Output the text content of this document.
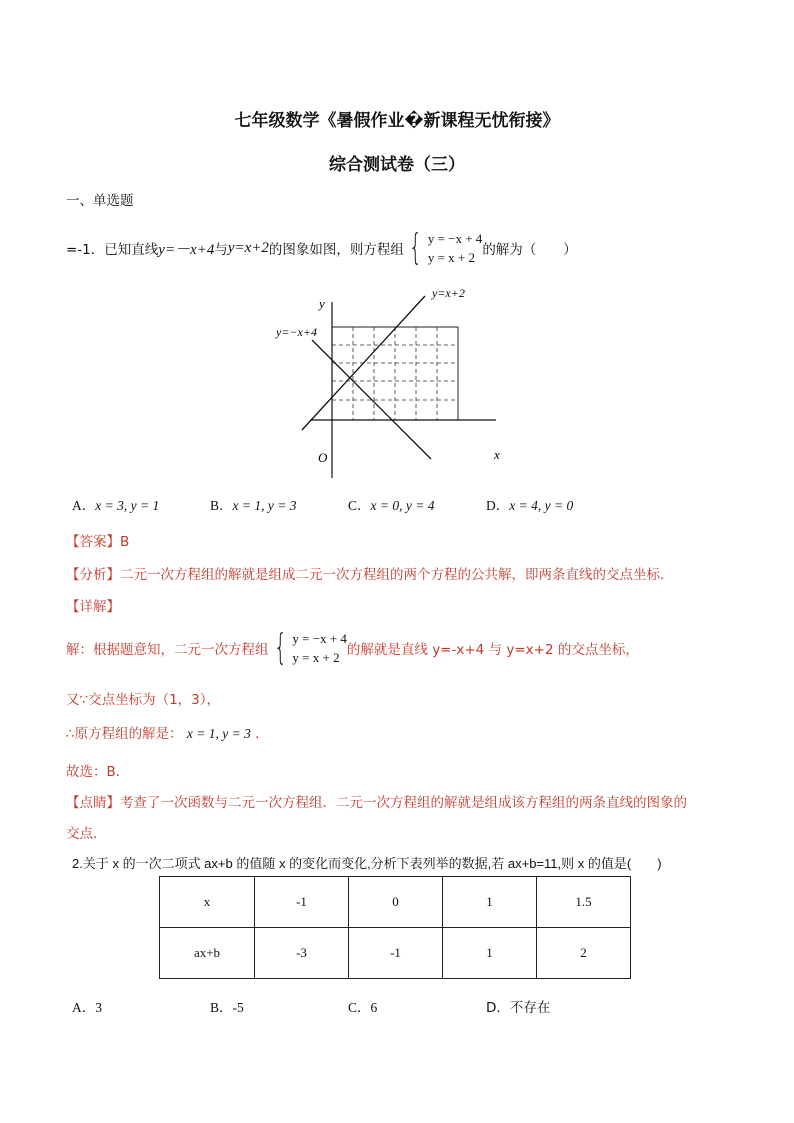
七年级数学《暑假作业�新课程无忧衔接》
综合测试卷（三）
一、单选题
=-1．已知直线 y=－x+4 与 y=x+2 的图象如图，则方程组 { y = −x + 4
y = x + 2 的解为（　　）
y=x+2
y=−x+4
y
x
O
A．x = 3, y = 1	B．x = 1, y = 3	C．x = 0, y = 4	D．x = 4, y = 0
【答案】B
【分析】二元一次方程组的解就是组成二元一次方程组的两个方程的公共解，即两条直线的交点坐标．
【详解】
解：根据题意知，二元一次方程组 { y = −x + 4
y = x + 2 的解就是直线 y=-x+4 与 y=x+2 的交点坐标，
又∵交点坐标为（1，3），
∴原方程组的解是： x = 1, y = 3 ．
故选：B．
【点睛】考查了一次函数与二元一次方程组．二元一次方程组的解就是组成该方程组的两条直线的图象的
交点．
2.关于 x 的一次二项式 ax+b 的值随 x 的变化而变化,分析下表列举的数据,若 ax+b=11,则 x 的值是(　　)
x	-1	0	1	1.5
ax+b	-3	-1	1	2
A．3	B．-5	C．6	D．不存在
